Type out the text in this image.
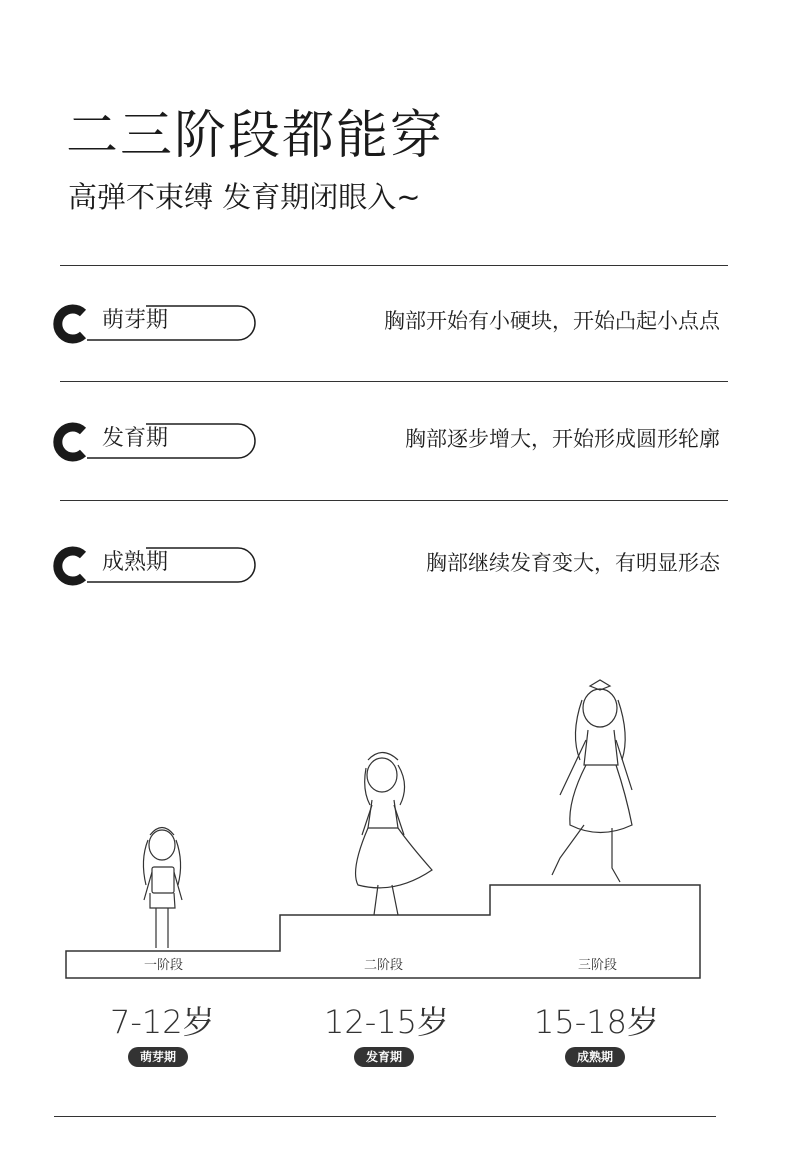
二三阶段都能穿
高弹不束缚 发育期闭眼入~
萌芽期	胸部开始有小硬块，开始凸起小点点
发育期	胸部逐步增大，开始形成圆形轮廓
成熟期	胸部继续发育变大，有明显形态
一阶段	二阶段	三阶段
7-12岁	12-15岁	15-18岁
萌芽期	发育期	成熟期
